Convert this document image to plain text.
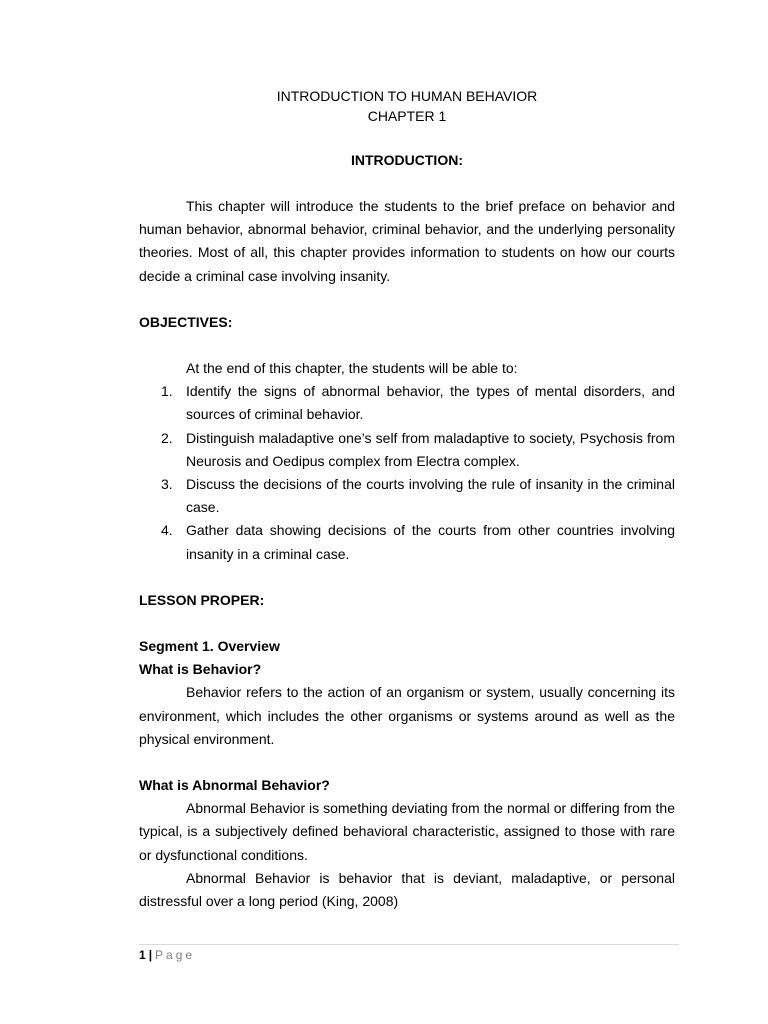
INTRODUCTION TO HUMAN BEHAVIOR
CHAPTER 1
INTRODUCTION:

This chapter will introduce the students to the brief preface on behavior and human behavior, abnormal behavior, criminal behavior, and the underlying personality theories. Most of all, this chapter provides information to students on how our courts decide a criminal case involving insanity.

OBJECTIVES:
At the end of this chapter, the students will be able to:
1. Identify the signs of abnormal behavior, the types of mental disorders, and sources of criminal behavior.
2. Distinguish maladaptive one’s self from maladaptive to society, Psychosis from Neurosis and Oedipus complex from Electra complex.
3. Discuss the decisions of the courts involving the rule of insanity in the criminal case.
4. Gather data showing decisions of the courts from other countries involving insanity in a criminal case.
LESSON PROPER:
Segment 1. Overview
What is Behavior?

Behavior refers to the action of an organism or system, usually concerning its environment, which includes the other organisms or systems around as well as the physical environment.

What is Abnormal Behavior?

Abnormal Behavior is something deviating from the normal or differing from the typical, is a subjectively defined behavioral characteristic, assigned to those with rare or dysfunctional conditions.

Abnormal Behavior is behavior that is deviant, maladaptive, or personal distressful over a long period (King, 2008)

1 | Page
